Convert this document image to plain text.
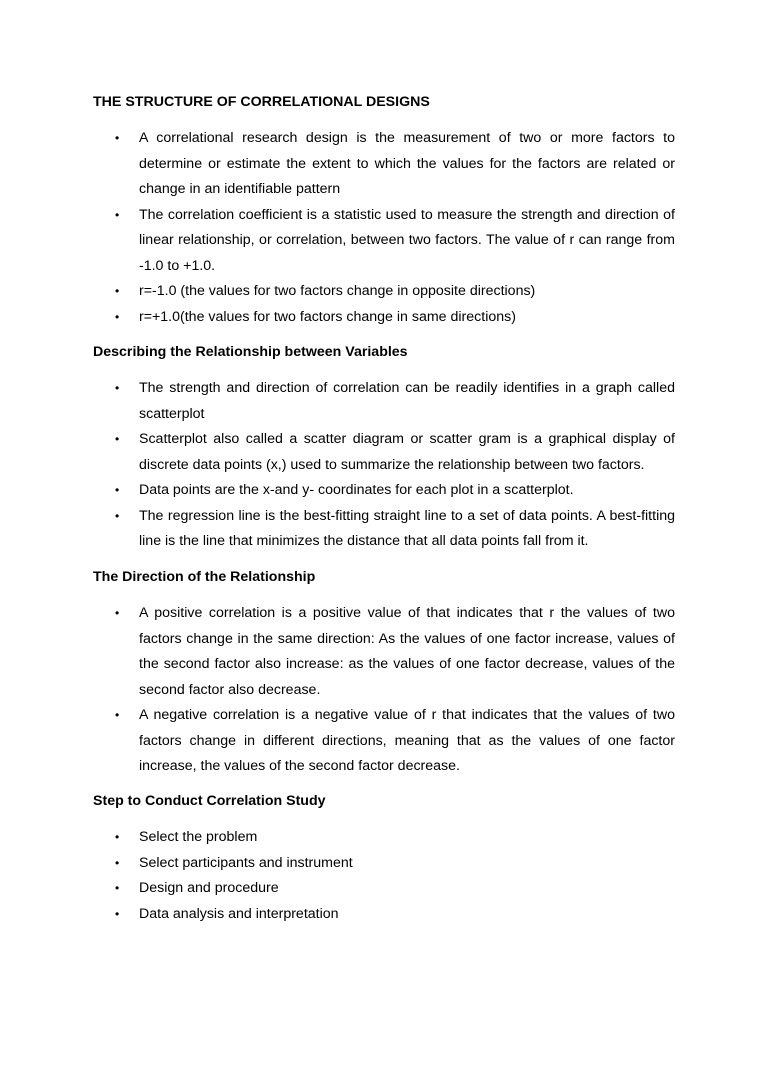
THE STRUCTURE OF CORRELATIONAL DESIGNS
• A correlational research design is the measurement of two or more factors to determine or estimate the extent to which the values for the factors are related or change in an identifiable pattern
• The correlation coefficient is a statistic used to measure the strength and direction of linear relationship, or correlation, between two factors. The value of r can range from -1.0 to +1.0.
• r=-1.0 (the values for two factors change in opposite directions)
• r=+1.0(the values for two factors change in same directions)
Describing the Relationship between Variables
• The strength and direction of correlation can be readily identifies in a graph called scatterplot
• Scatterplot also called a scatter diagram or scatter gram is a graphical display of discrete data points (x,) used to summarize the relationship between two factors.
• Data points are the x-and y- coordinates for each plot in a scatterplot.
• The regression line is the best-fitting straight line to a set of data points. A best-fitting line is the line that minimizes the distance that all data points fall from it.
The Direction of the Relationship
• A positive correlation is a positive value of that indicates that r the values of two factors change in the same direction: As the values of one factor increase, values of the second factor also increase: as the values of one factor decrease, values of the second factor also decrease.
• A negative correlation is a negative value of r that indicates that the values of two factors change in different directions, meaning that as the values of one factor increase, the values of the second factor decrease.
Step to Conduct Correlation Study
• Select the problem
• Select participants and instrument
• Design and procedure
• Data analysis and interpretation
